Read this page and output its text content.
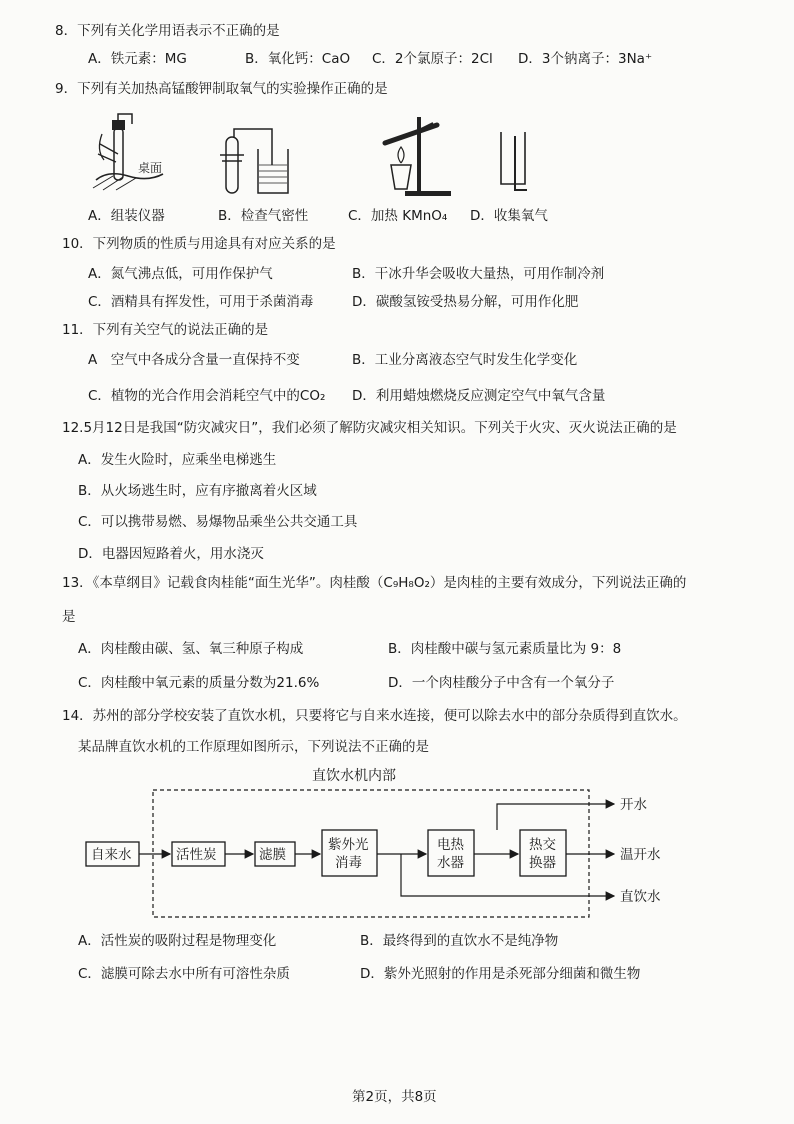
8．下列有关化学用语表示不正确的是
A．铁元素：MG	B．氧化钙：CaO C．2个氯原子：2Cl D．3个钠离子：3Na⁺
9．下列有关加热高锰酸钾制取氧气的实验操作正确的是
桌面
A．组装仪器	B．检查气密性	C．加热 KMnO₄ D．收集氧气
10．下列物质的性质与用途具有对应关系的是
A．氮气沸点低，可用作保护气	B．干冰升华会吸收大量热，可用作制冷剂
C．酒精具有挥发性，可用于杀菌消毒	D．碳酸氢铵受热易分解，可用作化肥
11．下列有关空气的说法正确的是
A　空气中各成分含量一直保持不变	B．工业分离液态空气时发生化学变化
C．植物的光合作用会消耗空气中的CO₂ D．利用蜡烛燃烧反应测定空气中氧气含量
12.5月12日是我国“防灾减灾日”，我们必须了解防灾减灾相关知识。下列关于火灾、灭火说法正确的是
A．发生火险时，应乘坐电梯逃生
B．从火场逃生时，应有序撤离着火区域
C．可以携带易燃、易爆物品乘坐公共交通工具
D．电器因短路着火，用水浇灭
13．《本草纲目》记载食肉桂能“面生光华”。肉桂酸（C₉H₈O₂）是肉桂的主要有效成分，下列说法正确的
是
A．肉桂酸由碳、氢、氧三种原子构成	B．肉桂酸中碳与氢元素质量比为 9：8
C．肉桂酸中氧元素的质量分数为21.6%	D．一个肉桂酸分子中含有一个氧分子
14．苏州的部分学校安装了直饮水机，只要将它与自来水连接，便可以除去水中的部分杂质得到直饮水。
某品牌直饮水机的工作原理如图所示，下列说法不正确的是
直饮水机内部
自来水	活性炭	滤膜
紫外光
消毒
电热
水器
热交
换器
开水
温开水
直饮水
A．活性炭的吸附过程是物理变化	B．最终得到的直饮水不是纯净物
C．滤膜可除去水中所有可溶性杂质	D．紫外光照射的作用是杀死部分细菌和微生物
第2页，共8页
